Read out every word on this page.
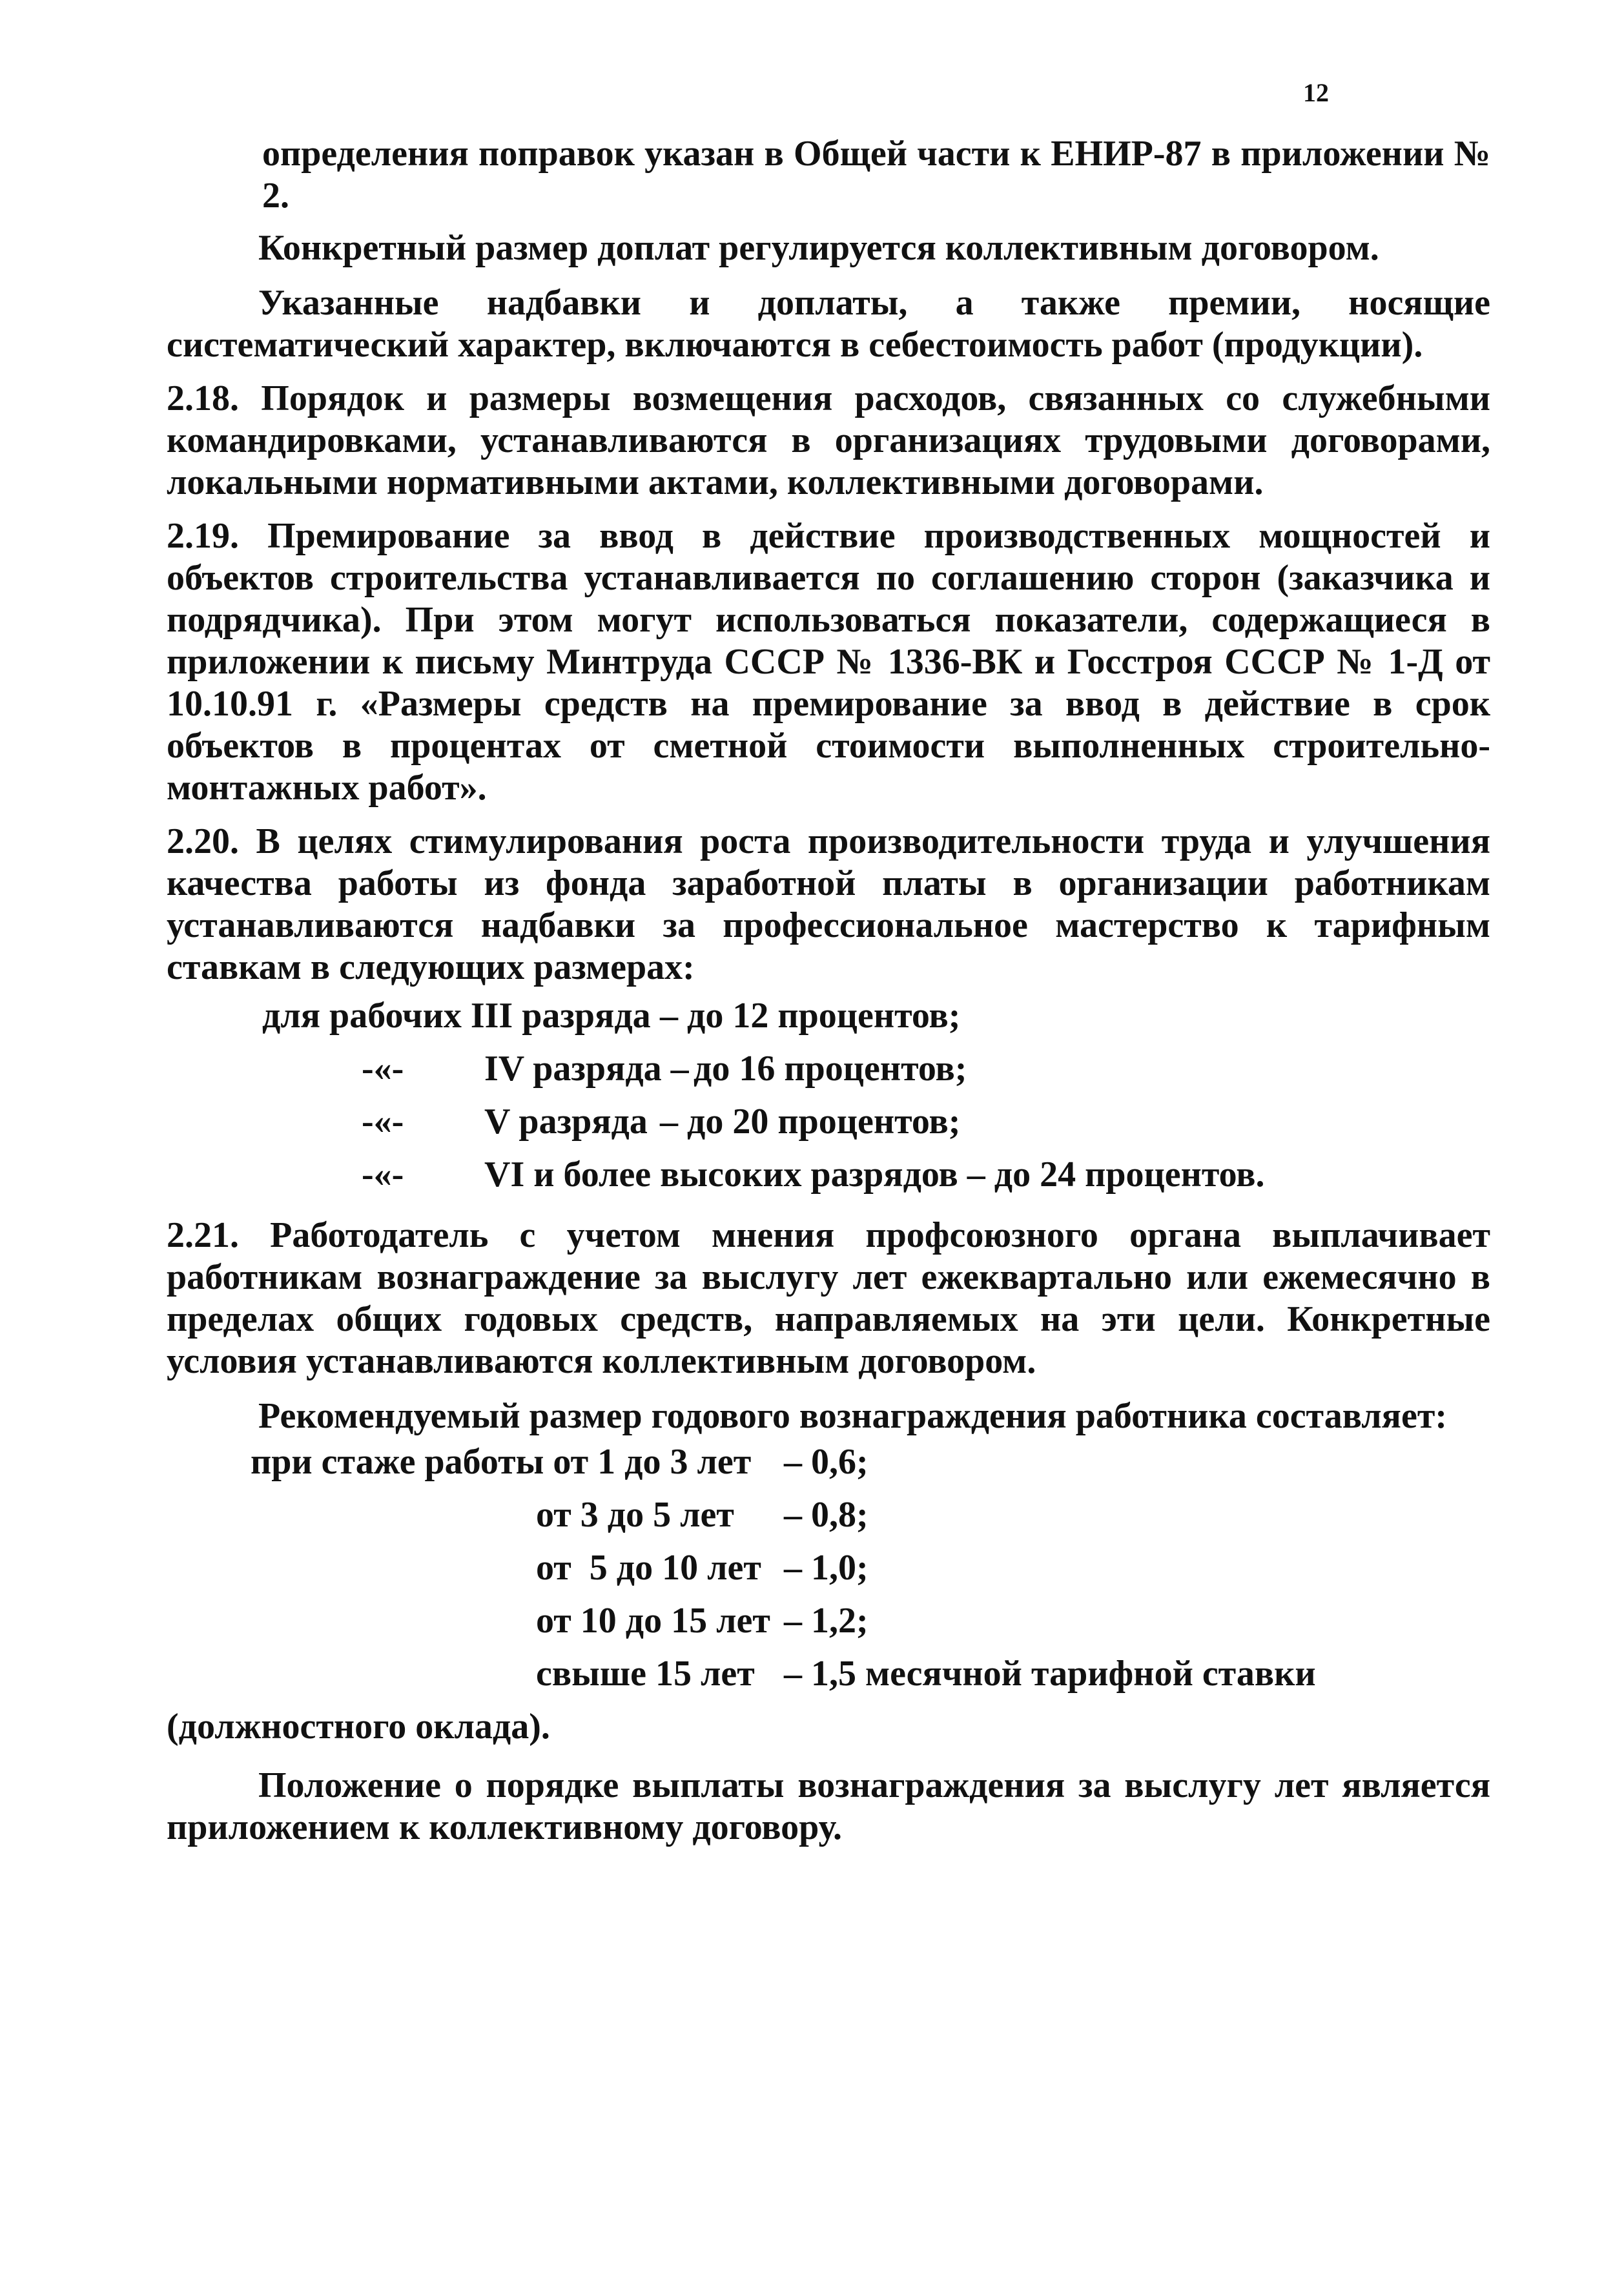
12

определения поправок указан в Общей части к ЕНИР-87 в приложении № 2.

Конкретный размер доплат регулируется коллективным договором.

Указанные надбавки и доплаты, а также премии, носящие систематический характер, включаются в себестоимость работ (продукции).

2.18. Порядок и размеры возмещения расходов, связанных со служебными командировками, устанавливаются в организациях трудовыми договорами, локальными нормативными актами, коллективными договорами.

2.19. Премирование за ввод в действие производственных мощностей и объектов строительства устанавливается по соглашению сторон (заказчика и подрядчика). При этом могут использоваться показатели, содержащиеся в приложении к письму Минтруда СССР № 1336-ВК и Госстроя СССР № 1-Д от 10.10.91 г. «Размеры средств на премирование за ввод в действие в срок объектов в процентах от сметной стоимости выполненных строительно-монтажных работ».

2.20. В целях стимулирования роста производительности труда и улучшения качества работы из фонда заработной платы в организации работникам устанавливаются надбавки за профессиональное мастерство к тарифным ставкам в следующих размерах:

для рабочих III разряда – до 12 процентов;
-«-	IV разряда – до 16 процентов;
-«-	V разряда – до 20 процентов;
-«-	VI и более высоких разрядов – до 24 процентов.

2.21. Работодатель с учетом мнения профсоюзного органа выплачивает работникам вознаграждение за выслугу лет ежеквартально или ежемесячно в пределах общих годовых средств, направляемых на эти цели. Конкретные условия устанавливаются коллективным договором.

Рекомендуемый размер годового вознаграждения работника составляет:

при стаже работы от 1 до 3 лет – 0,6;
от 3 до 5 лет	– 0,8;
от  5 до 10 лет – 1,0;
от 10 до 15 лет – 1,2;
свыше 15 лет – 1,5 месячной тарифной ставки

(должностного оклада).

Положение о порядке выплаты вознаграждения за выслугу лет является приложением к коллективному договору.
